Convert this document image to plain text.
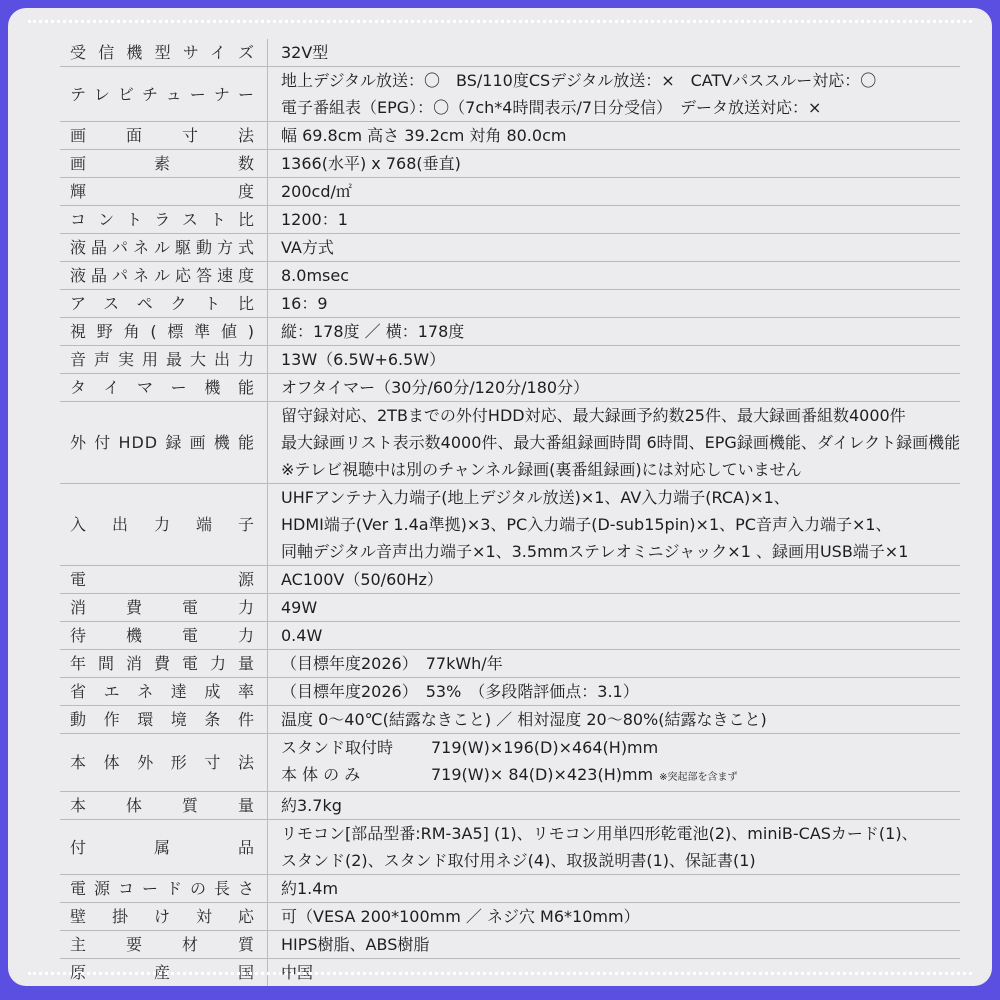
受信機型サイズ	32V型

テレビチューナー	地上デジタル放送：〇　BS/110度CSデジタル放送：×　CATVパススルー対応：〇
電子番組表（EPG）：〇（7ch*4時間表示/7日分受信）　データ放送対応：×

画面寸法	幅 69.8cm 高さ 39.2cm 対角 80.0cm

画素数	1366(水平) x 768(垂直)

輝度	200cd/㎡

コントラスト比	1200：1

液晶パネル駆動方式	VA方式

液晶パネル応答速度	8.0msec

アスペクト比	16：9

視野角(標準値)	縦：178度 ／ 横：178度

音声実用最大出力	13W（6.5W+6.5W）

タイマー機能	オフタイマー（30分/60分/120分/180分）

外付HDD録画機能	留守録対応、2TBまでの外付HDD対応、最大録画予約数25件、最大録画番組数4000件
最大録画リスト表示数4000件、最大番組録画時間 6時間、EPG録画機能、ダイレクト録画機能
※テレビ視聴中は別のチャンネル録画(裏番組録画)には対応していません

入出力端子	UHFアンテナ入力端子(地上デジタル放送)×1、AV入力端子(RCA)×1、
HDMI端子(Ver 1.4a準拠)×3、PC入力端子(D-sub15pin)×1、PC音声入力端子×1、
同軸デジタル音声出力端子×1、3.5mmステレオミニジャック×1 、録画用USB端子×1

電源	AC100V（50/60Hz）

消費電力	49W

待機電力	0.4W

年間消費電力量	（目標年度2026）　77kWh/年

省エネ達成率	（目標年度2026）　53%　（多段階評価点：3.1）

動作環境条件	温度 0〜40℃(結露なきこと) ／ 相対湿度 20〜80%(結露なきこと)

本体外形寸法	スタンド取付時 719(W)×196(D)×464(H)mm
本 体 の み 719(W)× 84(D)×423(H)mm ※突起部を含まず

本体質量	約3.7kg

付属品	リモコン[部品型番:RM-3A5] (1)、リモコン用単四形乾電池(2)、miniB-CASカード(1)、
スタンド(2)、スタンド取付用ネジ(4)、取扱説明書(1)、保証書(1)

電源コードの長さ	約1.4m

壁掛け対応	可（VESA 200*100mm ／ ネジ穴 M6*10mm）

主要材質	HIPS樹脂、ABS樹脂

原産国	中国
